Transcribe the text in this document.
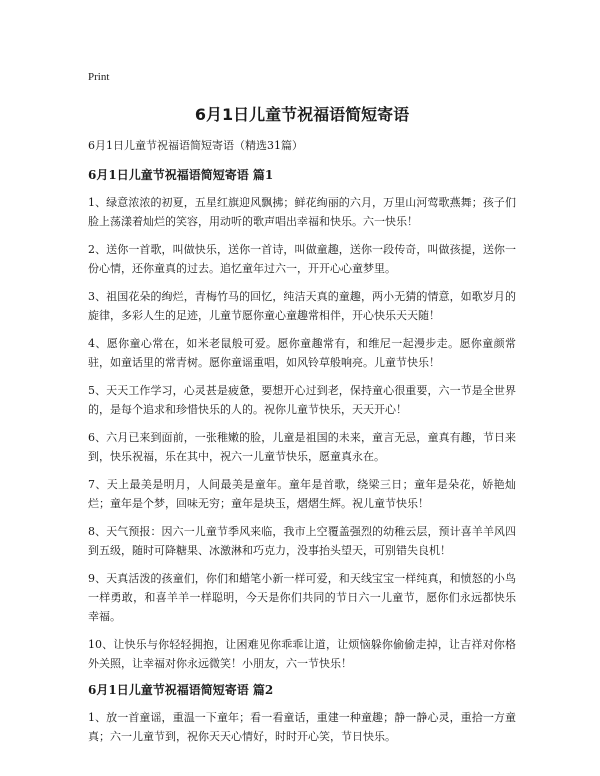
Print
6月1日儿童节祝福语简短寄语
6月1日儿童节祝福语简短寄语（精选31篇）
6月1日儿童节祝福语简短寄语 篇1

1、绿意浓浓的初夏，五星红旗迎风飘拂；鲜花绚丽的六月，万里山河莺歌燕舞；孩子们脸上荡漾着灿烂的笑容，用动听的歌声唱出幸福和快乐。六一快乐！

2、送你一首歌，叫做快乐，送你一首诗，叫做童趣，送你一段传奇，叫做孩提，送你一份心情，还你童真的过去。追忆童年过六一，开开心心童梦里。

3、祖国花朵的绚烂，青梅竹马的回忆，纯洁天真的童趣，两小无猜的情意，如歌岁月的旋律，多彩人生的足迹，儿童节愿你童心童趣常相伴，开心快乐天天随！

4、愿你童心常在，如米老鼠般可爱。愿你童趣常有，和维尼一起漫步走。愿你童颜常驻，如童话里的常青树。愿你童谣重唱，如风铃草般响亮。儿童节快乐！

5、天天工作学习，心灵甚是疲惫，要想开心过到老，保持童心很重要，六一节是全世界的，是每个追求和珍惜快乐的人的。祝你儿童节快乐，天天开心！

6、六月已来到面前，一张稚嫩的脸，儿童是祖国的未来，童言无忌，童真有趣，节日来到，快乐祝福，乐在其中，祝六一儿童节快乐，愿童真永在。

7、天上最美是明月，人间最美是童年。童年是首歌，绕梁三日；童年是朵花，娇艳灿烂；童年是个梦，回味无穷；童年是块玉，熠熠生辉。祝儿童节快乐！

8、天气预报：因六一儿童节季风来临，我市上空覆盖强烈的幼稚云层，预计喜羊羊风四到五级，随时可降糖果、冰激淋和巧克力，没事抬头望天，可别错失良机！

9、天真活泼的孩童们，你们和蜡笔小新一样可爱，和天线宝宝一样纯真，和愤怒的小鸟一样勇敢，和喜羊羊一样聪明，今天是你们共同的节日六一儿童节，愿你们永远都快乐幸福。

10、让快乐与你轻轻拥抱，让困难见你乖乖让道，让烦恼躲你偷偷走掉，让吉祥对你格外关照，让幸福对你永远微笑！小朋友，六一节快乐！

6月1日儿童节祝福语简短寄语 篇2

1、放一首童谣，重温一下童年；看一看童话，重建一种童趣；静一静心灵，重拾一方童真；六一儿童节到，祝你天天心情好，时时开心笑，节日快乐。
